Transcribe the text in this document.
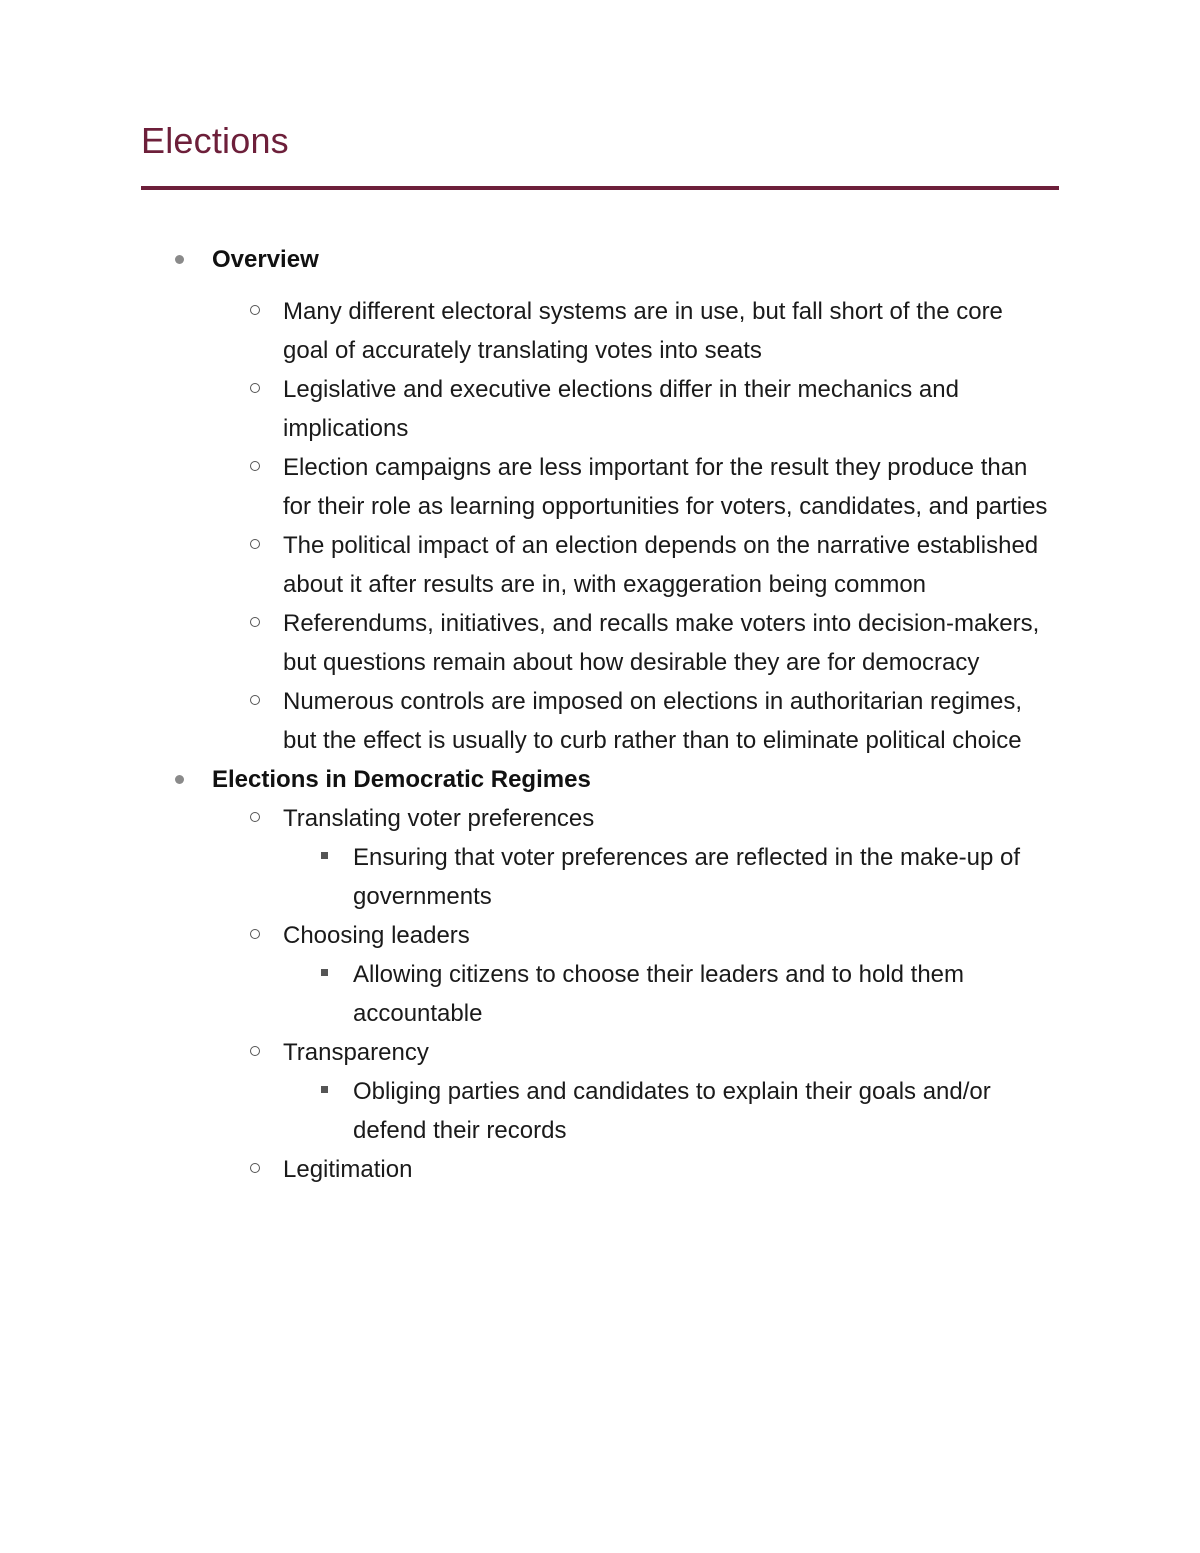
Elections
Overview
Many different electoral systems are in use, but fall short of the core goal of accurately translating votes into seats
Legislative and executive elections differ in their mechanics and implications
Election campaigns are less important for the result they produce than for their role as learning opportunities for voters, candidates, and parties
The political impact of an election depends on the narrative established about it after results are in, with exaggeration being common
Referendums, initiatives, and recalls make voters into decision-makers, but questions remain about how desirable they are for democracy
Numerous controls are imposed on elections in authoritarian regimes, but the effect is usually to curb rather than to eliminate political choice
Elections in Democratic Regimes
Translating voter preferences
Ensuring that voter preferences are reflected in the make-up of governments
Choosing leaders
Allowing citizens to choose their leaders and to hold them accountable
Transparency
Obliging parties and candidates to explain their goals and/or defend their records
Legitimation
